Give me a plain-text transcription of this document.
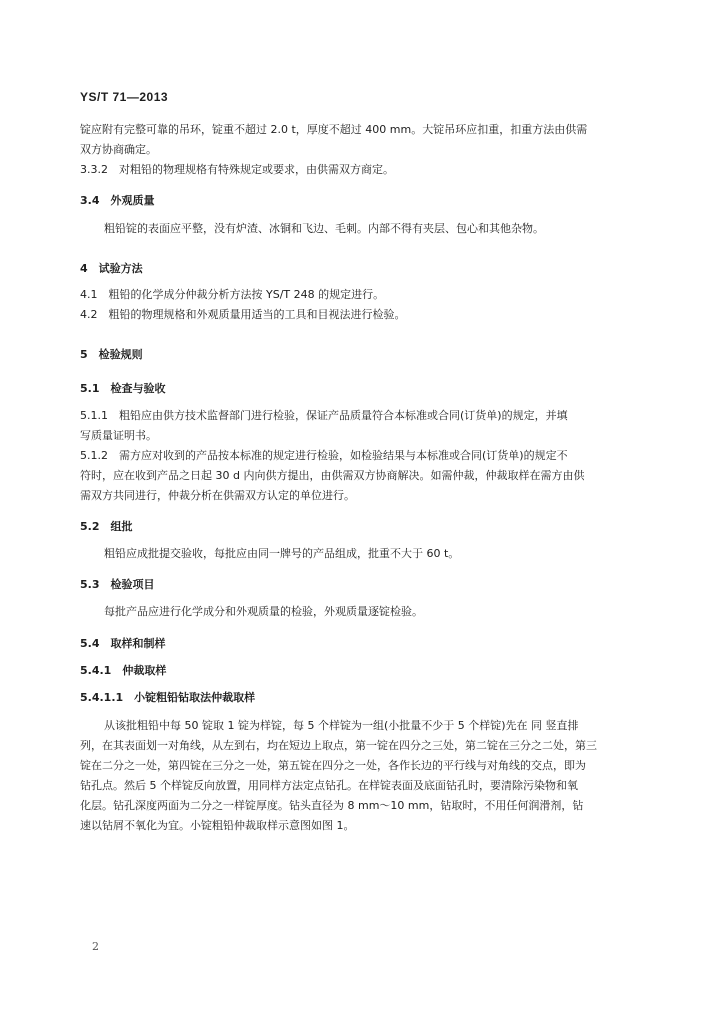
YS/T 71—2013
锭应附有完整可靠的吊环，锭重不超过 2.0 t，厚度不超过 400 mm。大锭吊环应扣重，扣重方法由供需
双方协商确定。
3.3.2　对粗铅的物理规格有特殊规定或要求，由供需双方商定。
3.4　外观质量
粗铅锭的表面应平整，没有炉渣、冰铜和飞边、毛刺。内部不得有夹层、包心和其他杂物。
4　试验方法
4.1　粗铅的化学成分仲裁分析方法按 YS/T 248 的规定进行。
4.2　粗铅的物理规格和外观质量用适当的工具和目视法进行检验。
5　检验规则
5.1　检查与验收
5.1.1　粗铅应由供方技术监督部门进行检验，保证产品质量符合本标准或合同(订货单)的规定，并填
写质量证明书。
5.1.2　需方应对收到的产品按本标准的规定进行检验，如检验结果与本标准或合同(订货单)的规定不
符时，应在收到产品之日起 30 d 内向供方提出，由供需双方协商解决。如需仲裁，仲裁取样在需方由供
需双方共同进行，仲裁分析在供需双方认定的单位进行。
5.2　组批
粗铅应成批提交验收，每批应由同一牌号的产品组成，批重不大于 60 t。
5.3　检验项目
每批产品应进行化学成分和外观质量的检验，外观质量逐锭检验。
5.4　取样和制样
5.4.1　仲裁取样
5.4.1.1　小锭粗铅钻取法仲裁取样
从该批粗铅中每 50 锭取 1 锭为样锭，每 5 个样锭为一组(小批量不少于 5 个样锭)先在 同 竖直排
列，在其表面划一对角线，从左到右，均在短边上取点，第一锭在四分之三处，第二锭在三分之二处，第三
锭在二分之一处，第四锭在三分之一处，第五锭在四分之一处，各作长边的平行线与对角线的交点，即为
钻孔点。然后 5 个样锭反向放置，用同样方法定点钻孔。在样锭表面及底面钻孔时，要清除污染物和氧
化层。钻孔深度两面为二分之一样锭厚度。钻头直径为 8 mm～10 mm，钻取时，不用任何润滑剂，钻
速以钻屑不氧化为宜。小锭粗铅仲裁取样示意图如图 1。
2
